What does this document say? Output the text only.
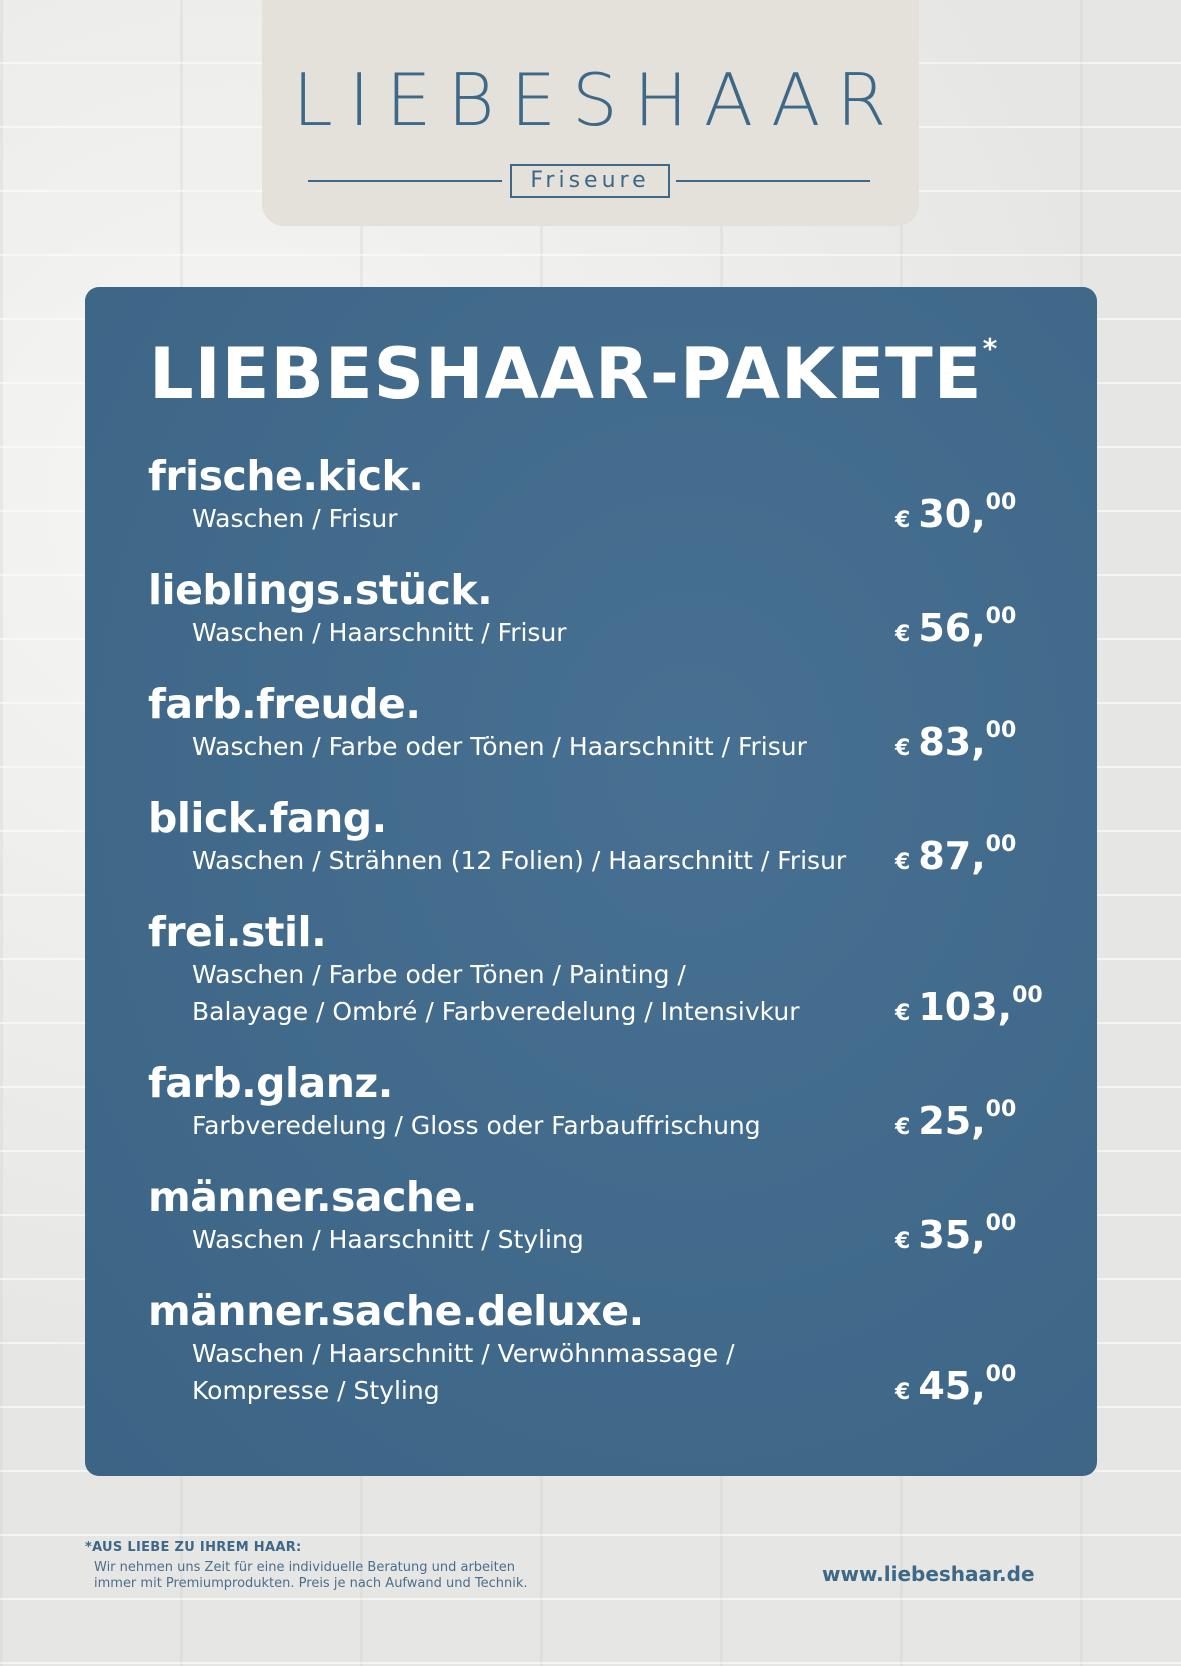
LIEBESHAAR
Friseure
LIEBESHAAR-PAKETE*
frische.kick.
Waschen / Frisur	€ 30,00
lieblings.stück.
Waschen / Haarschnitt / Frisur	€ 56,00
farb.freude.
Waschen / Farbe oder Tönen / Haarschnitt / Frisur	€ 83,00
blick.fang.
Waschen / Strähnen (12 Folien) / Haarschnitt / Frisur	€ 87,00
frei.stil.
Waschen / Farbe oder Tönen / Painting /
Balayage / Ombré / Farbveredelung / Intensivkur	€ 103,00
farb.glanz.
Farbveredelung / Gloss oder Farbauffrischung	€ 25,00
männer.sache.
Waschen / Haarschnitt / Styling	€ 35,00
männer.sache.deluxe.
Waschen / Haarschnitt / Verwöhnmassage /
Kompresse / Styling	€ 45,00
*AUS LIEBE ZU IHREM HAAR:
Wir nehmen uns Zeit für eine individuelle Beratung und arbeiten
immer mit Premiumprodukten. Preis je nach Aufwand und Technik.	www.liebeshaar.de
